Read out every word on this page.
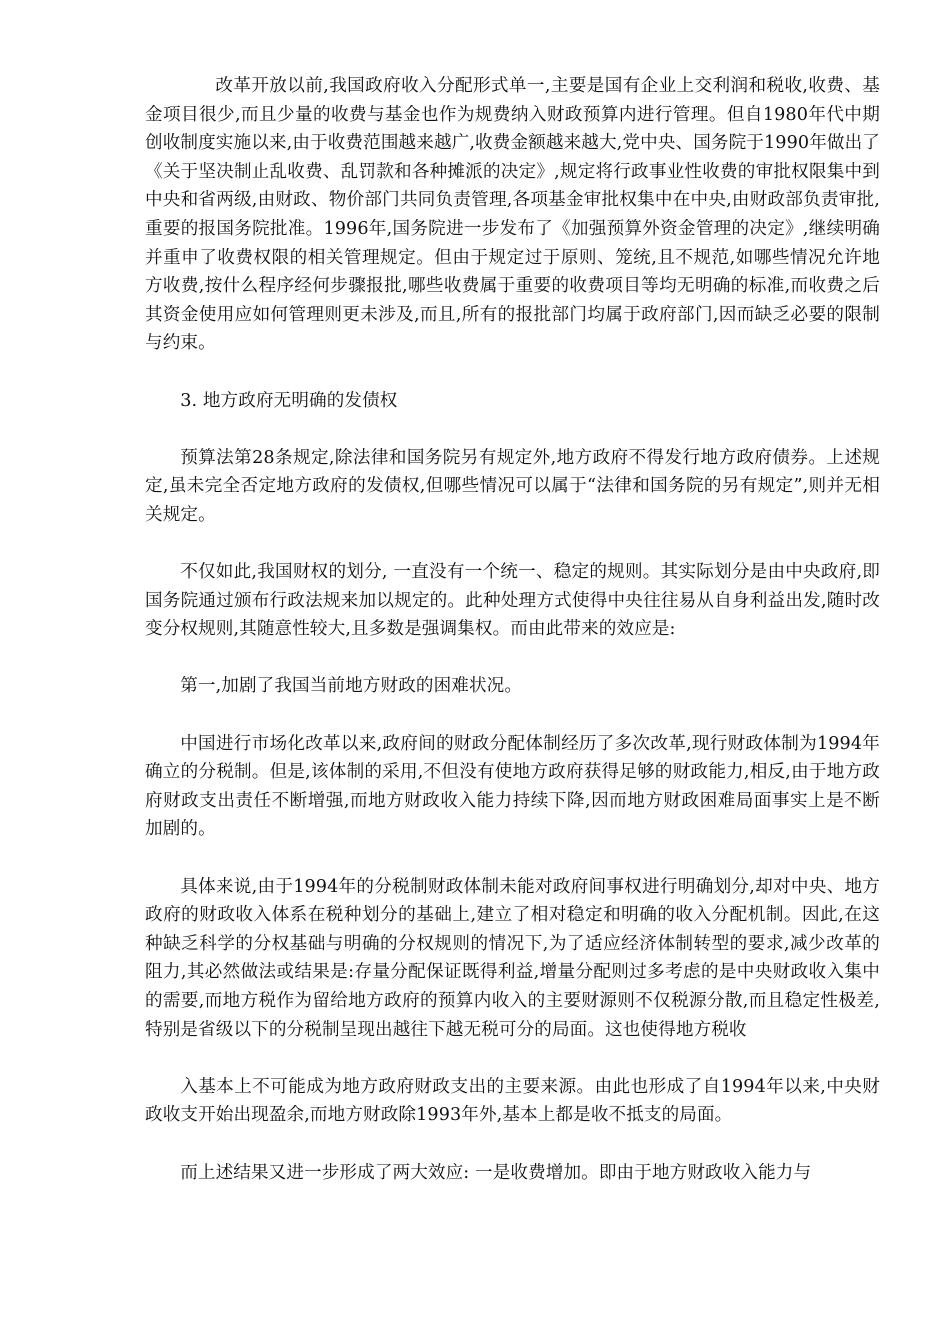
改革开放以前,我国政府收入分配形式单一,主要是国有企业上交利润和税收,收费、基金项目很少,而且少量的收费与基金也作为规费纳入财政预算内进行管理。但自1980年代中期创收制度实施以来,由于收费范围越来越广,收费金额越来越大,党中央、国务院于1990年做出了《关于坚决制止乱收费、乱罚款和各种摊派的决定》,规定将行政事业性收费的审批权限集中到中央和省两级,由财政、物价部门共同负责管理,各项基金审批权集中在中央,由财政部负责审批,重要的报国务院批准。1996年,国务院进一步发布了《加强预算外资金管理的决定》,继续明确并重申了收费权限的相关管理规定。但由于规定过于原则、笼统,且不规范,如哪些情况允许地方收费,按什么程序经何步骤报批,哪些收费属于重要的收费项目等均无明确的标准,而收费之后其资金使用应如何管理则更未涉及,而且,所有的报批部门均属于政府部门,因而缺乏必要的限制与约束。

3. 地方政府无明确的发债权

预算法第28条规定,除法律和国务院另有规定外,地方政府不得发行地方政府债券。上述规定,虽未完全否定地方政府的发债权,但哪些情况可以属于“法律和国务院的另有规定”,则并无相关规定。

不仅如此,我国财权的划分, 一直没有一个统一、稳定的规则。其实际划分是由中央政府,即国务院通过颁布行政法规来加以规定的。此种处理方式使得中央往往易从自身利益出发,随时改变分权规则,其随意性较大,且多数是强调集权。而由此带来的效应是:

第一,加剧了我国当前地方财政的困难状况。

中国进行市场化改革以来,政府间的财政分配体制经历了多次改革,现行财政体制为1994年确立的分税制。但是,该体制的采用,不但没有使地方政府获得足够的财政能力,相反,由于地方政府财政支出责任不断增强,而地方财政收入能力持续下降,因而地方财政困难局面事实上是不断加剧的。

具体来说,由于1994年的分税制财政体制未能对政府间事权进行明确划分,却对中央、地方政府的财政收入体系在税种划分的基础上,建立了相对稳定和明确的收入分配机制。因此,在这种缺乏科学的分权基础与明确的分权规则的情况下,为了适应经济体制转型的要求,减少改革的阻力,其必然做法或结果是:存量分配保证既得利益,增量分配则过多考虑的是中央财政收入集中的需要,而地方税作为留给地方政府的预算内收入的主要财源则不仅税源分散,而且稳定性极差,特别是省级以下的分税制呈现出越往下越无税可分的局面。这也使得地方税收

入基本上不可能成为地方政府财政支出的主要来源。由此也形成了自1994年以来,中央财政收支开始出现盈余,而地方财政除1993年外,基本上都是收不抵支的局面。

而上述结果又进一步形成了两大效应: 一是收费增加。即由于地方财政收入能力与
